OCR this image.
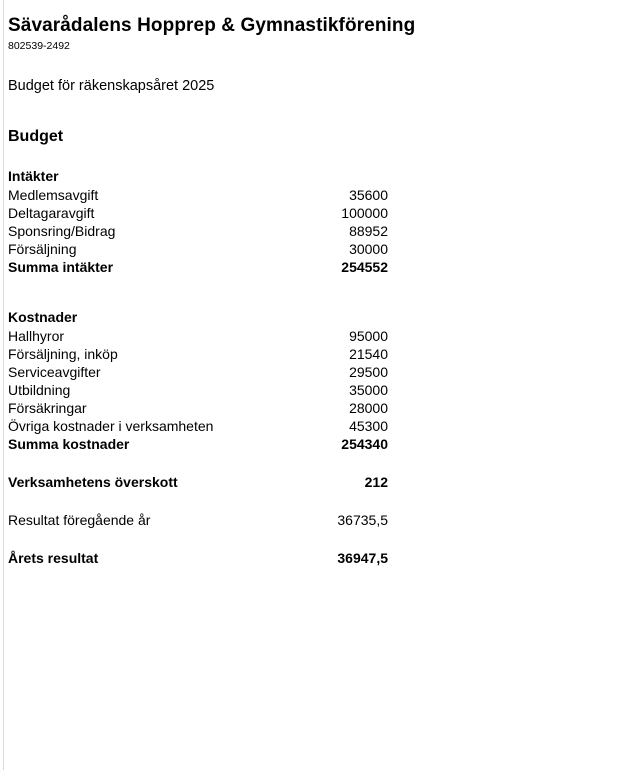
Sävarådalens Hopprep & Gymnastikförening
802539-2492
Budget för räkenskapsåret 2025
Budget
Intäkter	
Medlemsavgift	35600
Deltagaravgift	100000
Sponsring/Bidrag	88952
Försäljning	30000
Summa intäkter	254552

Kostnader	
Hallhyror	95000
Försäljning, inköp	21540
Serviceavgifter	29500
Utbildning	35000
Försäkringar	28000
Övriga kostnader i verksamheten	45300
Summa kostnader	254340

Verksamhetens överskott	212

Resultat föregående år	36735,5

Årets resultat	36947,5
